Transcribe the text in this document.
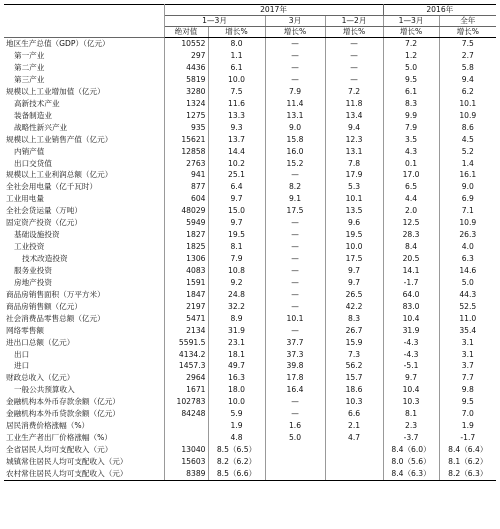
	2017年				2016年	
	1—3月		3月	1—2月	1—3月	全年
	绝对值	增长%	增长%	增长%	增长%	增长%
地区生产总值（GDP）（亿元）	10552	8.0	—	—	7.2	7.5
第一产业	297	1.1	—	—	1.2	2.7
第二产业	4436	6.1	—	—	5.0	5.8
第三产业	5819	10.0	—	—	9.5	9.4
规模以上工业增加值（亿元）	3280	7.5	7.9	7.2	6.1	6.2
高新技术产业	1324	11.6	11.4	11.8	8.3	10.1
装备制造业	1275	13.3	13.1	13.4	9.9	10.9
战略性新兴产业	935	9.3	9.0	9.4	7.9	8.6
规模以上工业销售产值（亿元）	15621	13.7	15.8	12.3	3.5	4.5
内销产值	12858	14.4	16.0	13.1	4.3	5.2
出口交货值	2763	10.2	15.2	7.8	0.1	1.4
规模以上工业利润总额（亿元）	941	25.1	—	17.9	17.0	16.1
全社会用电量（亿千瓦时）	877	6.4	8.2	5.3	6.5	9.0
工业用电量	604	9.7	9.1	10.1	4.4	6.9
全社会货运量（万吨）	48029	15.0	17.5	13.5	2.0	7.1
固定资产投资（亿元）	5949	9.7	—	9.6	12.5	10.9
基础设施投资	1827	19.5	—	19.5	28.3	26.3
工业投资	1825	8.1	—	10.0	8.4	4.0
技术改造投资	1306	7.9	—	17.5	20.5	6.3
服务业投资	4083	10.8	—	9.7	14.1	14.6
房地产投资	1591	9.2	—	9.7	-1.7	5.0
商品房销售面积（万平方米）	1847	24.8	—	26.5	64.0	44.3
商品房销售额（亿元）	2197	32.2	—	42.2	83.0	52.5
社会消费品零售总额（亿元）	5471	8.9	10.1	8.3	10.4	11.0
网络零售额	2134	31.9	—	26.7	31.9	35.4
进出口总额（亿元）	5591.5	23.1	37.7	15.9	-4.3	3.1
出口	4134.2	18.1	37.3	7.3	-4.3	3.1
进口	1457.3	49.7	39.8	56.2	-5.1	3.7
财政总收入（亿元）	2964	16.3	17.8	15.7	9.7	7.7
一般公共预算收入	1671	18.0	16.4	18.6	10.4	9.8
金融机构本外币存款余额（亿元）	102783	10.0	—	10.3	10.3	9.5
金融机构本外币贷款余额（亿元）	84248	5.9	—	6.6	8.1	7.0
居民消费价格涨幅（%）		1.9	1.6	2.1	2.3	1.9
工业生产者出厂价格涨幅（%）		4.8	5.0	4.7	-3.7	-1.7
全省居民人均可支配收入（元）	13040	8.5（6.5）			8.4（6.0）	8.4（6.4）
城镇常住居民人均可支配收入（元）	15603	8.2（6.2）			8.0（5.6）	8.1（6.2）
农村常住居民人均可支配收入（元）	8389	8.5（6.6）			8.4（6.3）	8.2（6.3）
